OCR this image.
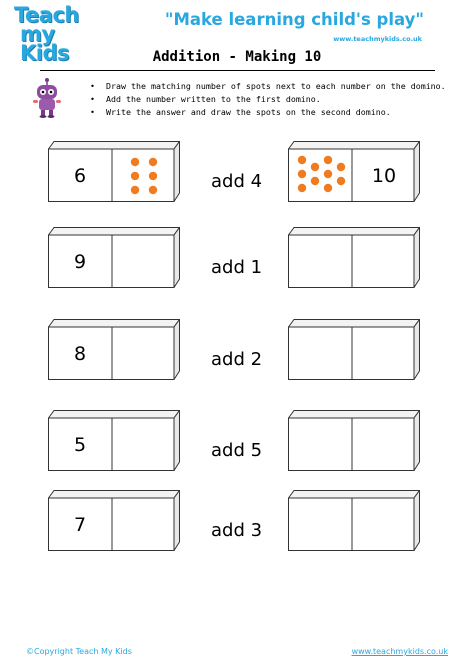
Teach
my Kids
"Make learning child's play"
www.teachmykids.co.uk
Addition - Making 10
• Draw the matching number of spots next to each number on the domino.
• Add the number written to the first domino.
• Write the answer and draw the spots on the second domino.
6	add 4	10
9	add 1
8	add 2
5	add 5
7	add 3
©Copyright Teach My Kids	www.teachmykids.co.uk
